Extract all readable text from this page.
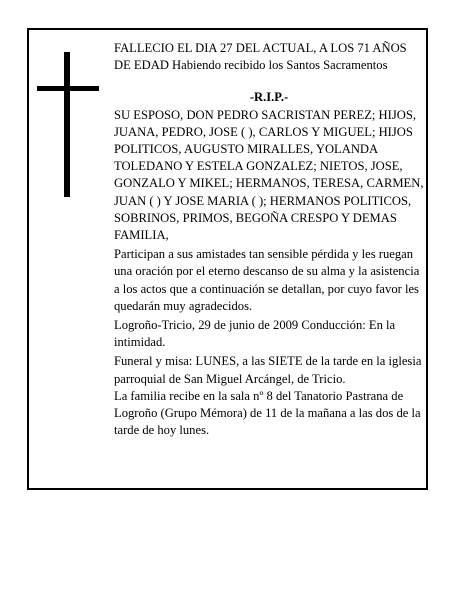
FALLECIO EL DIA 27 DEL ACTUAL, A LOS 71 AÑOS DE EDAD Habiendo recibido los Santos Sacramentos

-R.I.P.-

SU ESPOSO, DON PEDRO SACRISTAN PEREZ; HIJOS, JUANA, PEDRO, JOSE ( ), CARLOS Y MIGUEL; HIJOS POLITICOS, AUGUSTO MIRALLES, YOLANDA TOLEDANO Y ESTELA GONZALEZ; NIETOS, JOSE, GONZALO Y MIKEL; HERMANOS, TERESA, CARMEN, JUAN ( ) Y JOSE MARIA ( ); HERMANOS POLITICOS, SOBRINOS, PRIMOS, BEGOÑA CRESPO Y DEMAS FAMILIA,

Participan a sus amistades tan sensible pérdida y les ruegan una oración por el eterno descanso de su alma y la asistencia a los actos que a continuación se detallan, por cuyo favor les quedarán muy agradecidos.

Logroño-Tricio, 29 de junio de 2009 Conducción: En la intimidad.

Funeral y misa: LUNES, a las SIETE de la tarde en la iglesia parroquial de San Miguel Arcángel, de Tricio.

La familia recibe en la sala nº 8 del Tanatorio Pastrana de Logroño (Grupo Mémora) de 11 de la mañana a las dos de la tarde de hoy lunes.
